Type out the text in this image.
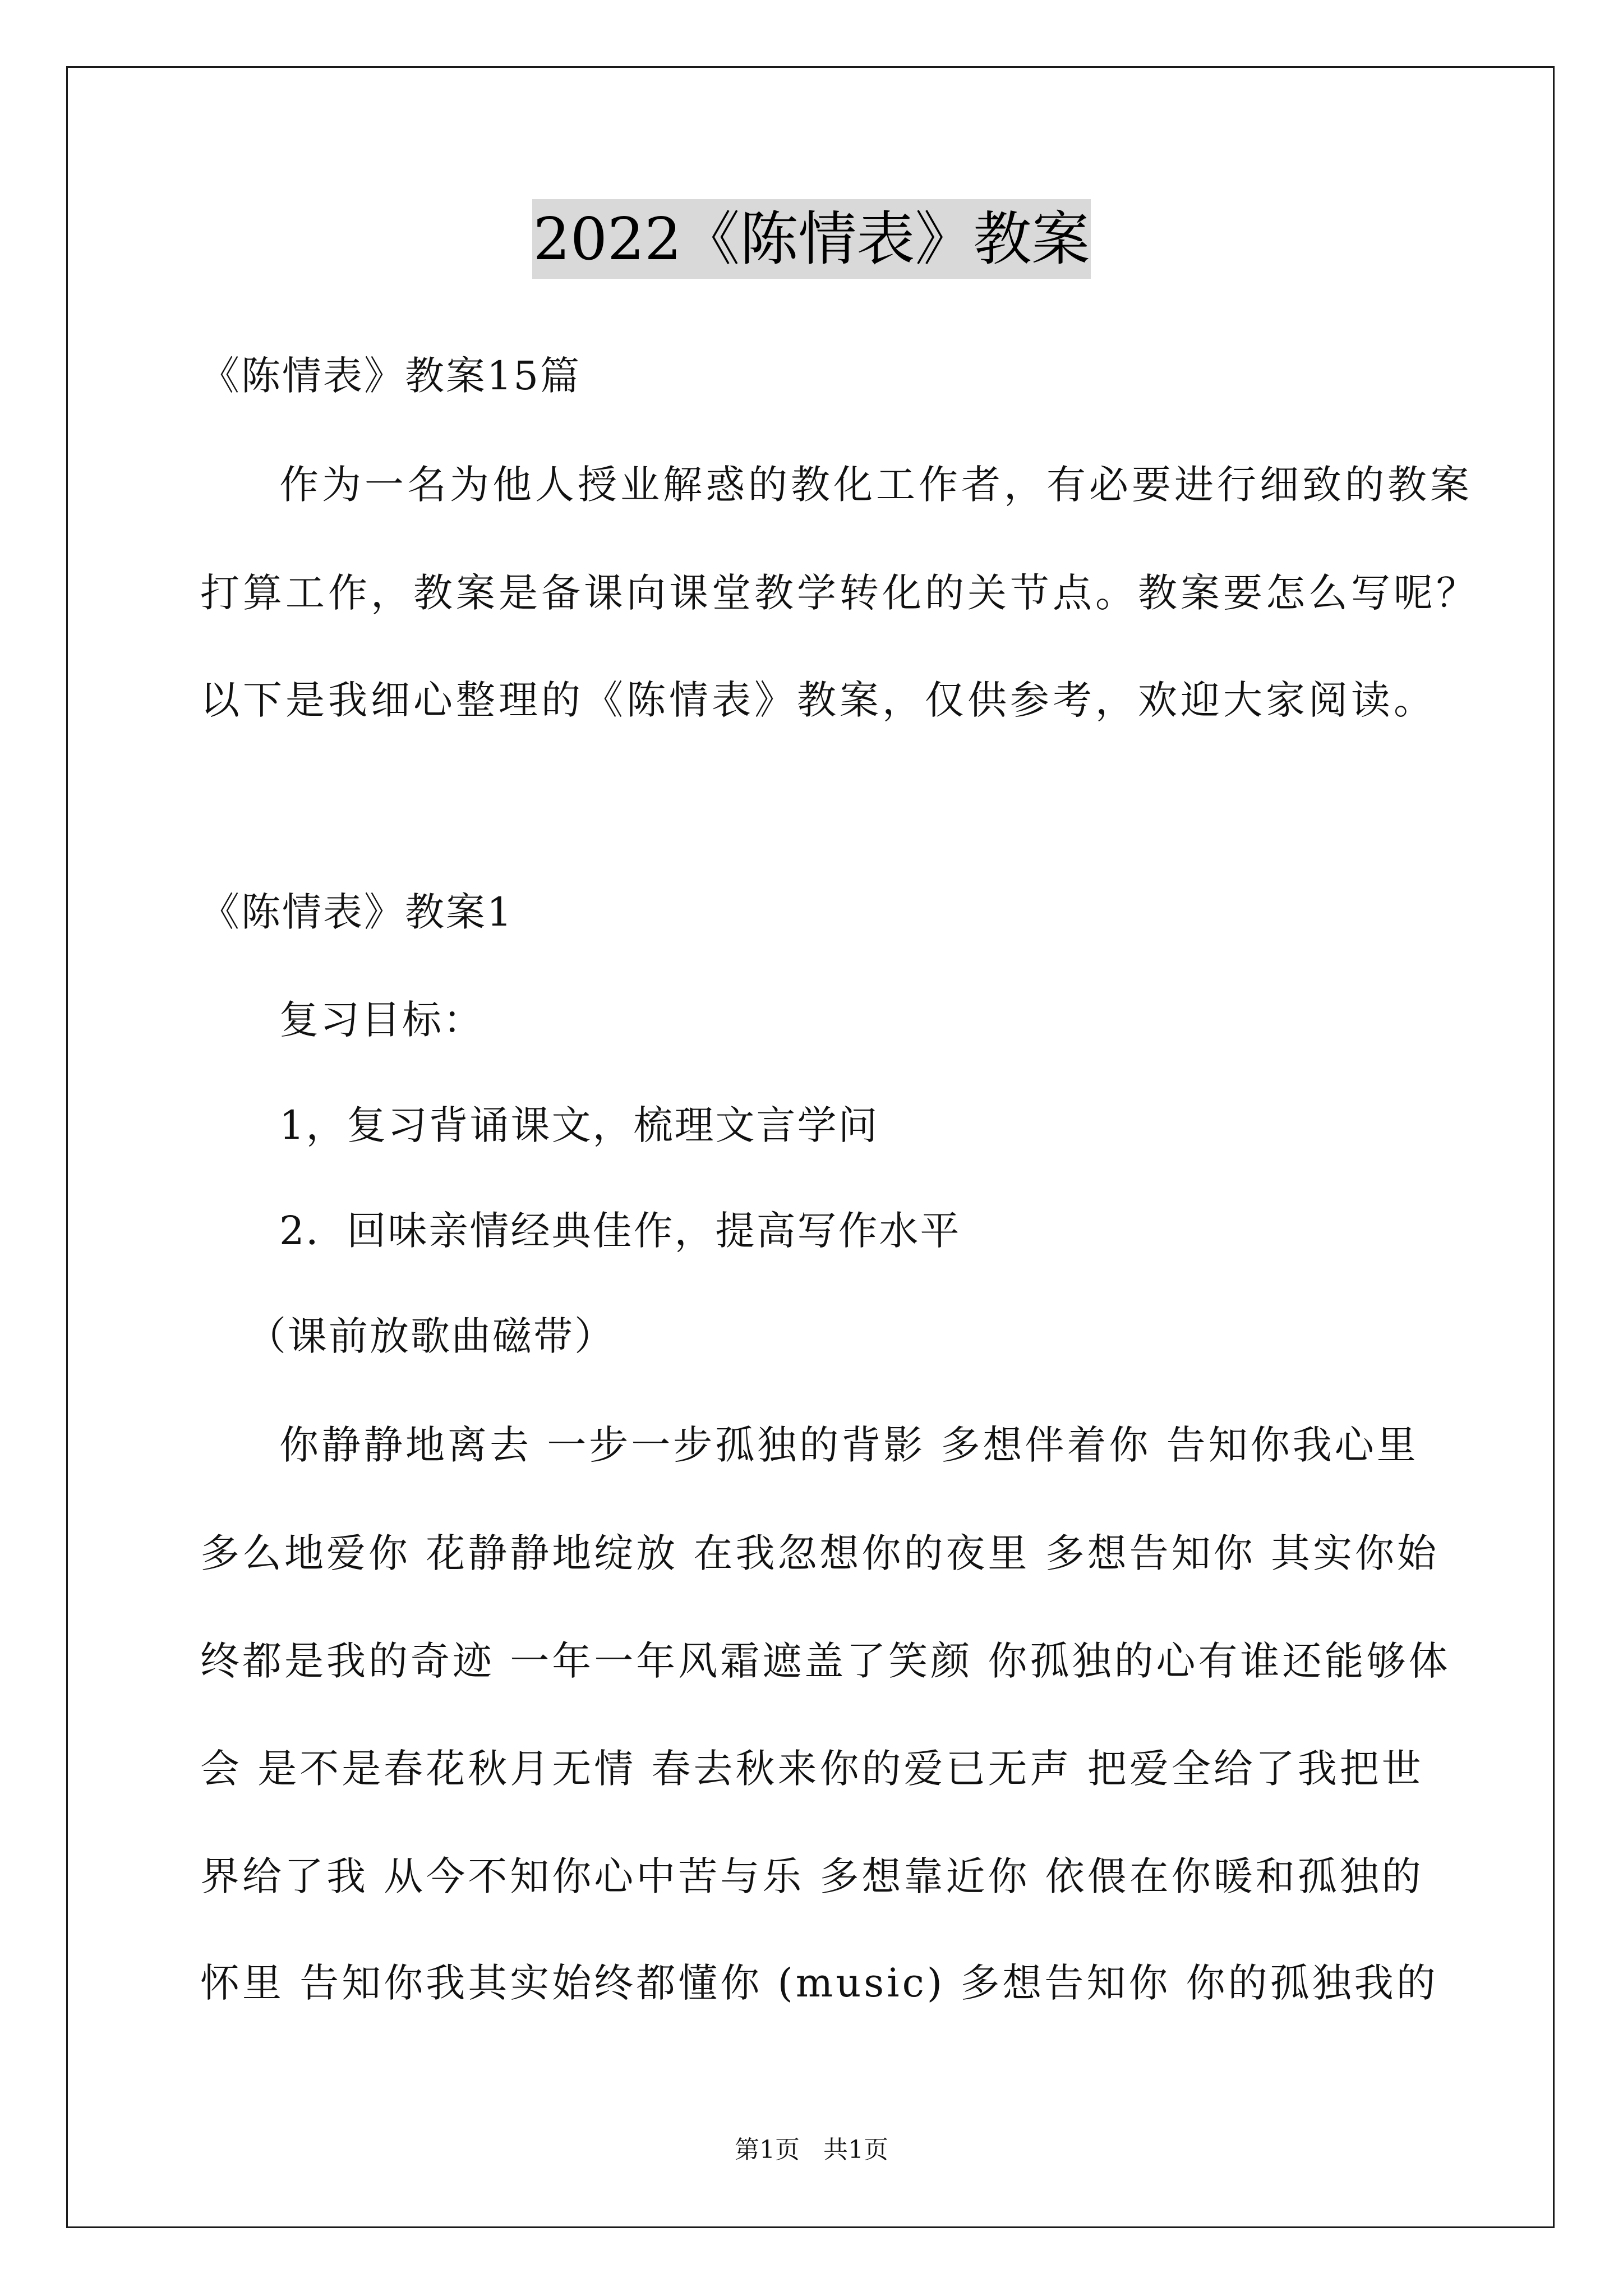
2022《陈情表》教案
《陈情表》教案15篇
作为一名为他人授业解惑的教化工作者，有必要进行细致的教案
打算工作，教案是备课向课堂教学转化的关节点。教案要怎么写呢？
以下是我细心整理的《陈情表》教案，仅供参考，欢迎大家阅读。
《陈情表》教案1
复习目标：
1，复习背诵课文，梳理文言学问
2．回味亲情经典佳作，提高写作水平
（课前放歌曲磁带）
你静静地离去 一步一步孤独的背影 多想伴着你 告知你我心里
多么地爱你 花静静地绽放 在我忽想你的夜里 多想告知你 其实你始
终都是我的奇迹 一年一年风霜遮盖了笑颜 你孤独的心有谁还能够体
会 是不是春花秋月无情 春去秋来你的爱已无声 把爱全给了我把世
界给了我 从今不知你心中苦与乐 多想靠近你 依偎在你暖和孤独的
怀里 告知你我其实始终都懂你 (music) 多想告知你 你的孤独我的
第1页   共1页
